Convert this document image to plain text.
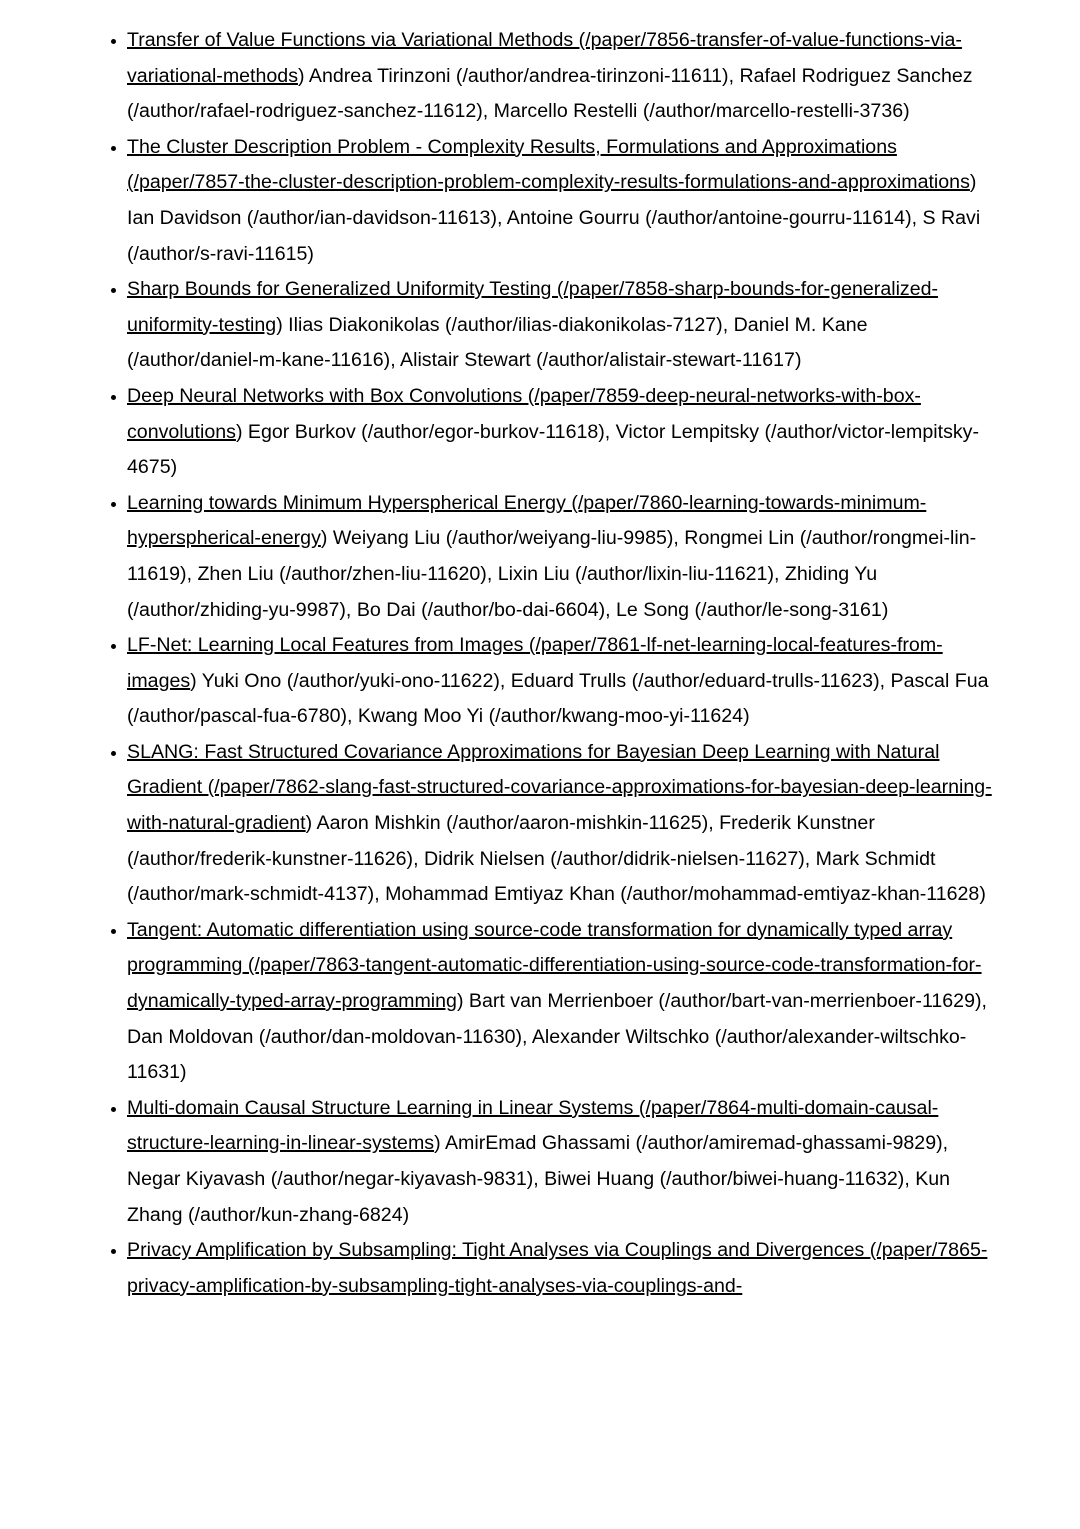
• Transfer of Value Functions via Variational Methods (/paper/7856-transfer-of-value-functions-via-variational-methods) Andrea Tirinzoni (/author/andrea-tirinzoni-11611), Rafael Rodriguez Sanchez (/author/rafael-rodriguez-sanchez-11612), Marcello Restelli (/author/marcello-restelli-3736)
• The Cluster Description Problem - Complexity Results, Formulations and Approximations (/paper/7857-the-cluster-description-problem-complexity-results-formulations-and-approximations) Ian Davidson (/author/ian-davidson-11613), Antoine Gourru (/author/antoine-gourru-11614), S Ravi (/author/s-ravi-11615)
• Sharp Bounds for Generalized Uniformity Testing (/paper/7858-sharp-bounds-for-generalized-uniformity-testing) Ilias Diakonikolas (/author/ilias-diakonikolas-7127), Daniel M. Kane (/author/daniel-m-kane-11616), Alistair Stewart (/author/alistair-stewart-11617)
• Deep Neural Networks with Box Convolutions (/paper/7859-deep-neural-networks-with-box-convolutions) Egor Burkov (/author/egor-burkov-11618), Victor Lempitsky (/author/victor-lempitsky-4675)
• Learning towards Minimum Hyperspherical Energy (/paper/7860-learning-towards-minimum-hyperspherical-energy) Weiyang Liu (/author/weiyang-liu-9985), Rongmei Lin (/author/rongmei-lin-11619), Zhen Liu (/author/zhen-liu-11620), Lixin Liu (/author/lixin-liu-11621), Zhiding Yu (/author/zhiding-yu-9987), Bo Dai (/author/bo-dai-6604), Le Song (/author/le-song-3161)
• LF-Net: Learning Local Features from Images (/paper/7861-lf-net-learning-local-features-from-images) Yuki Ono (/author/yuki-ono-11622), Eduard Trulls (/author/eduard-trulls-11623), Pascal Fua (/author/pascal-fua-6780), Kwang Moo Yi (/author/kwang-moo-yi-11624)
• SLANG: Fast Structured Covariance Approximations for Bayesian Deep Learning with Natural Gradient (/paper/7862-slang-fast-structured-covariance-approximations-for-bayesian-deep-learning-with-natural-gradient) Aaron Mishkin (/author/aaron-mishkin-11625), Frederik Kunstner (/author/frederik-kunstner-11626), Didrik Nielsen (/author/didrik-nielsen-11627), Mark Schmidt (/author/mark-schmidt-4137), Mohammad Emtiyaz Khan (/author/mohammad-emtiyaz-khan-11628)
• Tangent: Automatic differentiation using source-code transformation for dynamically typed array programming (/paper/7863-tangent-automatic-differentiation-using-source-code-transformation-for-dynamically-typed-array-programming) Bart van Merrienboer (/author/bart-van-merrienboer-11629), Dan Moldovan (/author/dan-moldovan-11630), Alexander Wiltschko (/author/alexander-wiltschko-11631)
• Multi-domain Causal Structure Learning in Linear Systems (/paper/7864-multi-domain-causal-structure-learning-in-linear-systems) AmirEmad Ghassami (/author/amiremad-ghassami-9829), Negar Kiyavash (/author/negar-kiyavash-9831), Biwei Huang (/author/biwei-huang-11632), Kun Zhang (/author/kun-zhang-6824)
• Privacy Amplification by Subsampling: Tight Analyses via Couplings and Divergences (/paper/7865-privacy-amplification-by-subsampling-tight-analyses-via-couplings-and-
